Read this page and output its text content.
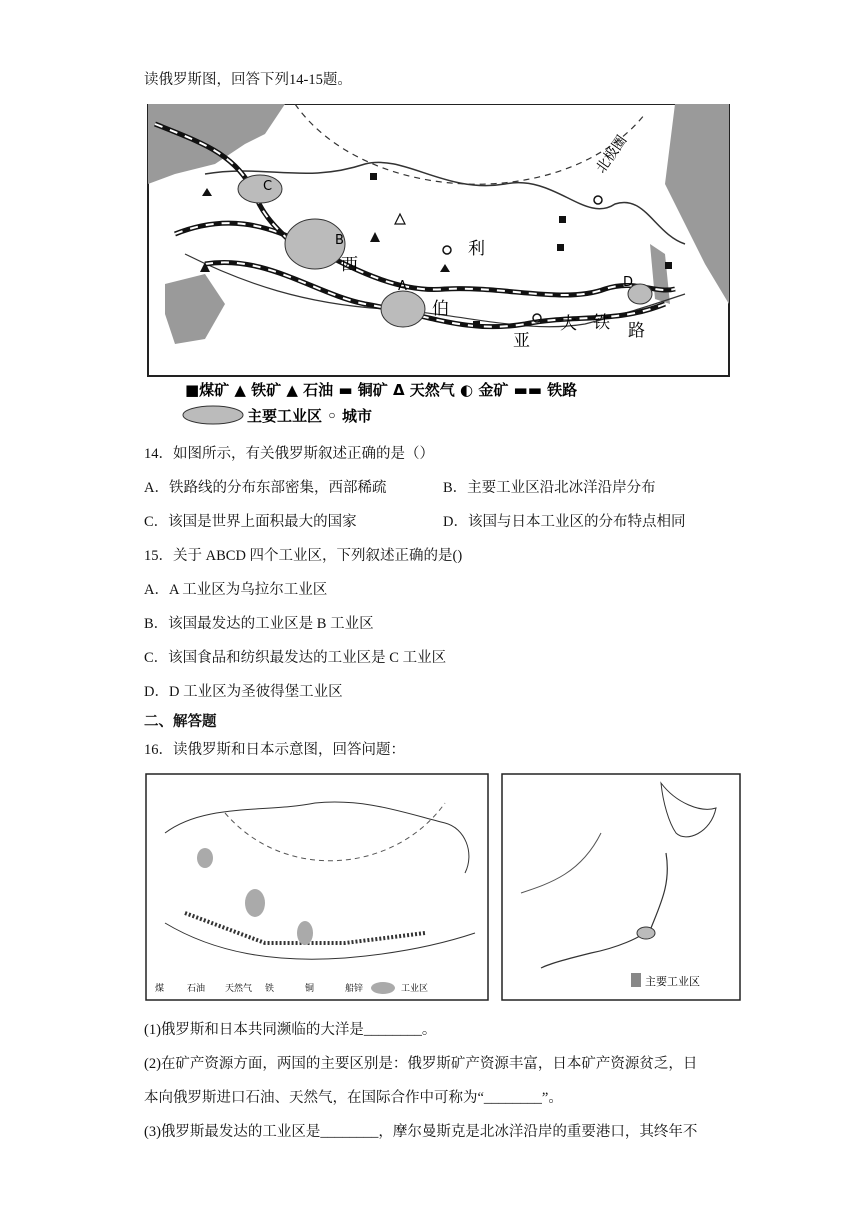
读俄罗斯图，回答下列14-15题。
北极圈
C
B
A	D
西
伯
利
亚
大 铁 路
■煤矿 ▲ 铁矿 ▲ 石油 ▬ 铜矿 Δ 天然气 ◐ 金矿 ▬▬ 铁路
主要工业区 ◦ 城市
14．如图所示，有关俄罗斯叙述正确的是（）
A．铁路线的分布东部密集，西部稀疏	B．主要工业区沿北冰洋沿岸分布
C．该国是世界上面积最大的国家	D．该国与日本工业区的分布特点相同
15．关于 ABCD 四个工业区，下列叙述正确的是()
A．A 工业区为乌拉尔工业区
B．该国最发达的工业区是 B 工业区
C．该国食品和纺织最发达的工业区是 C 工业区
D．D 工业区为圣彼得堡工业区
二、解答题
16．读俄罗斯和日本示意图，回答问题：
煤	石油 天然气 铁	铜	船锌	工业区
主要工业区
(1)俄罗斯和日本共同濒临的大洋是________。
(2)在矿产资源方面，两国的主要区别是：俄罗斯矿产资源丰富，日本矿产资源贫乏，日
本向俄罗斯进口石油、天然气，在国际合作中可称为“________”。
(3)俄罗斯最发达的工业区是________，摩尔曼斯克是北冰洋沿岸的重要港口，其终年不
